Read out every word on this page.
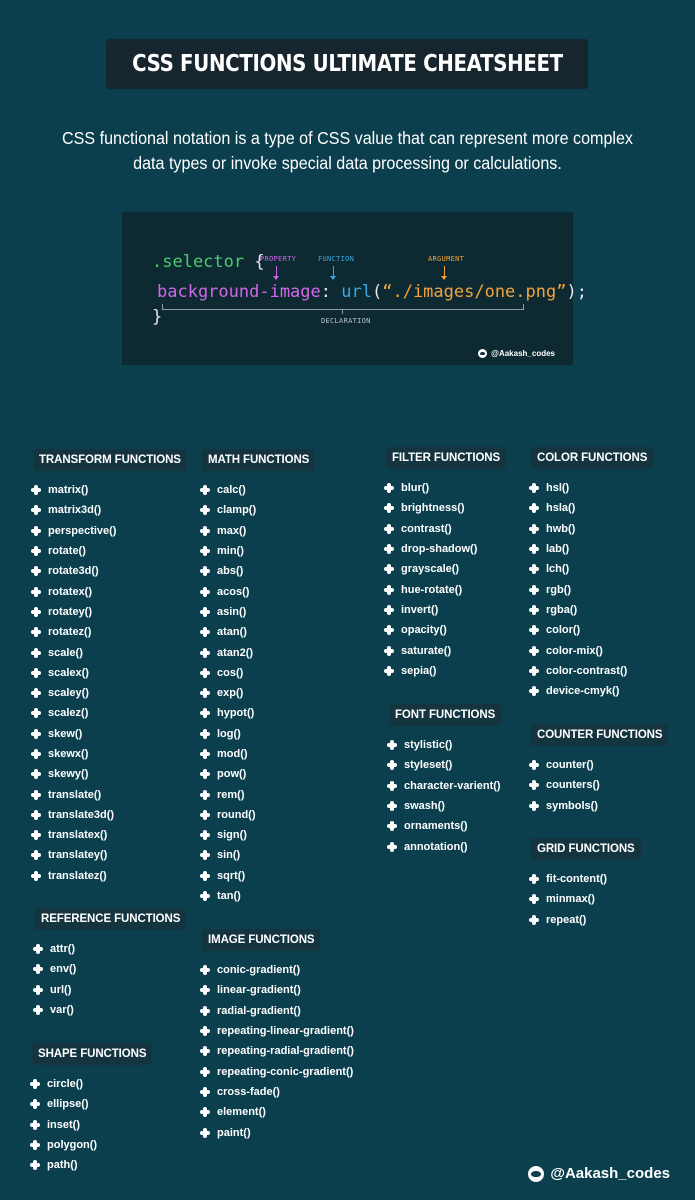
CSS FUNCTIONS ULTIMATE CHEATSHEET
CSS functional notation is a type of CSS value that can represent more complex data types or invoke special data processing or calculations.
.selector {
PROPERTY	FUNCTION	ARGUMENT
background-image: url(“./images/one.png”);
}	DECLARATION
@Aakash_codes
TRANSFORM FUNCTIONS
matrix()
matrix3d()
perspective()
rotate()
rotate3d()
rotatex()
rotatey()
rotatez()
scale()
scalex()
scaley()
scalez()
skew()
skewx()
skewy()
translate()
translate3d()
translatex()
translatey()
translatez()
MATH FUNCTIONS
calc()
clamp()
max()
min()
abs()
acos()
asin()
atan()
atan2()
cos()
exp()
hypot()
log()
mod()
pow()
rem()
round()
sign()
sin()
sqrt()
tan()
FILTER FUNCTIONS
blur()
brightness()
contrast()
drop-shadow()
grayscale()
hue-rotate()
invert()
opacity()
saturate()
sepia()
COLOR FUNCTIONS
hsl()
hsla()
hwb()
lab()
lch()
rgb()
rgba()
color()
color-mix()
color-contrast()
device-cmyk()
FONT FUNCTIONS
stylistic()
styleset()
character-varient()
swash()
ornaments()
annotation()
COUNTER FUNCTIONS
counter()
counters()
symbols()
GRID FUNCTIONS
fit-content()
minmax()
repeat()
REFERENCE FUNCTIONS
attr()
env()
url()
var()
IMAGE FUNCTIONS
conic-gradient()
linear-gradient()
radial-gradient()
repeating-linear-gradient()
repeating-radial-gradient()
repeating-conic-gradient()
cross-fade()
element()
paint()
SHAPE FUNCTIONS
circle()
ellipse()
inset()
polygon()
path()	@Aakash_codes
